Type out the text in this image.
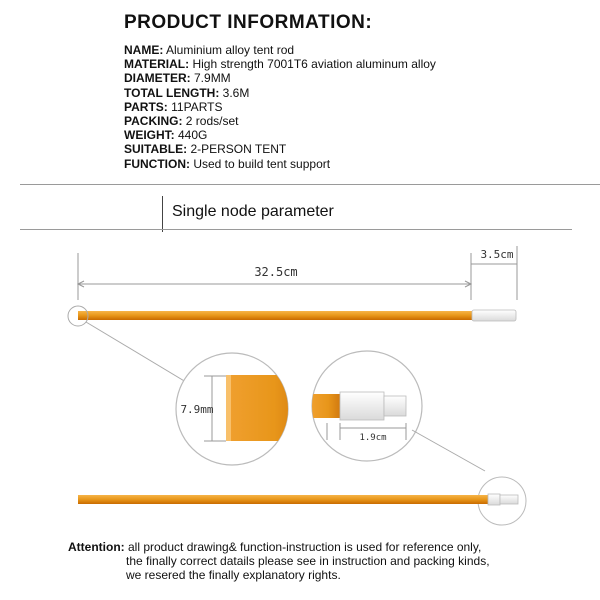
PRODUCT INFORMATION:
NAME: Aluminium alloy tent rod
MATERIAL: High strength 7001T6 aviation aluminum alloy
DIAMETER: 7.9MM
TOTAL LENGTH: 3.6M
PARTS: 11PARTS
PACKING: 2 rods/set
WEIGHT: 440G
SUITABLE: 2-PERSON TENT
FUNCTION: Used to build tent support
Single node parameter
32.5cm
3.5cm
7.9mm
1.9cm
Attention: all product drawing& function-instruction is used for reference only,
the finally correct datails please see in instruction and packing kinds,
we resered the finally explanatory rights.
